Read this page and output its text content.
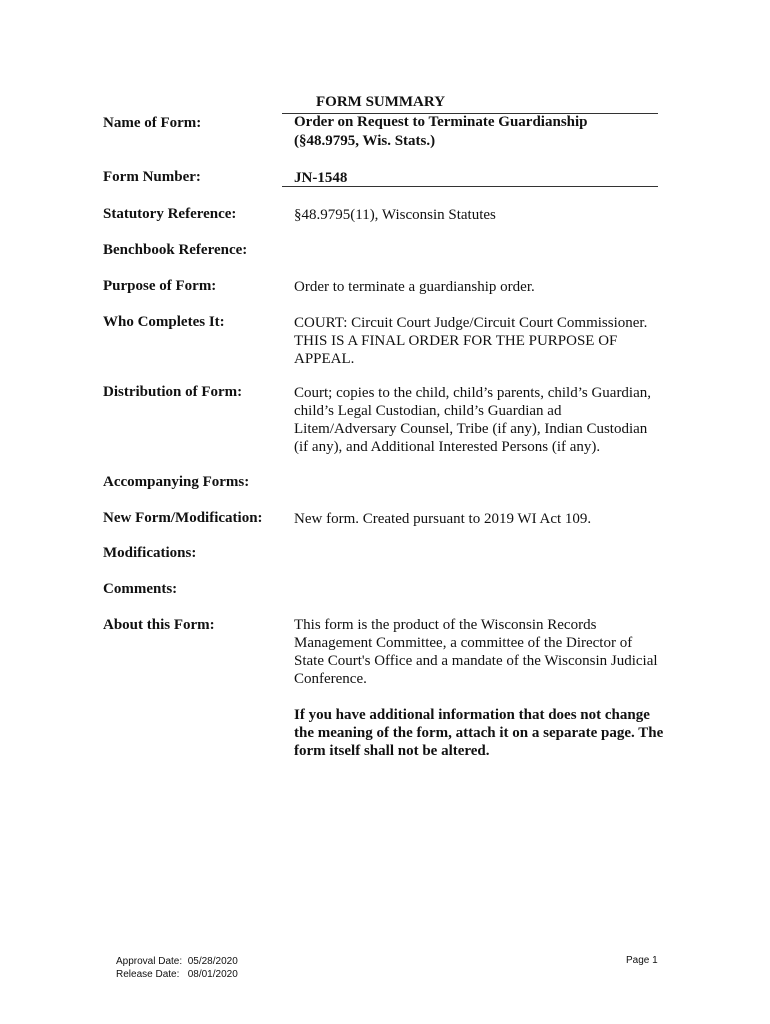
FORM SUMMARY
Name of Form:	Order on Request to Terminate Guardianship
(§48.9795, Wis. Stats.)
Form Number:	JN-1548
Statutory Reference:	§48.9795(11), Wisconsin Statutes
Benchbook Reference:
Purpose of Form:	Order to terminate a guardianship order.
Who Completes It:	COURT: Circuit Court Judge/Circuit Court Commissioner. THIS IS A FINAL ORDER FOR THE PURPOSE OF APPEAL.
Distribution of Form:	Court; copies to the child, child’s parents, child’s Guardian, child’s Legal Custodian, child’s Guardian ad Litem/Adversary Counsel, Tribe (if any), Indian Custodian (if any), and Additional Interested Persons (if any).
Accompanying Forms:
New Form/Modification: New form. Created pursuant to 2019 WI Act 109.
Modifications:
Comments:
About this Form:	This form is the product of the Wisconsin Records Management Committee, a committee of the Director of State Court's Office and a mandate of the Wisconsin Judicial Conference.
If you have additional information that does not change the meaning of the form, attach it on a separate page. The form itself shall not be altered.
Approval Date:  05/28/2020
Release Date:   08/01/2020
Page 1
